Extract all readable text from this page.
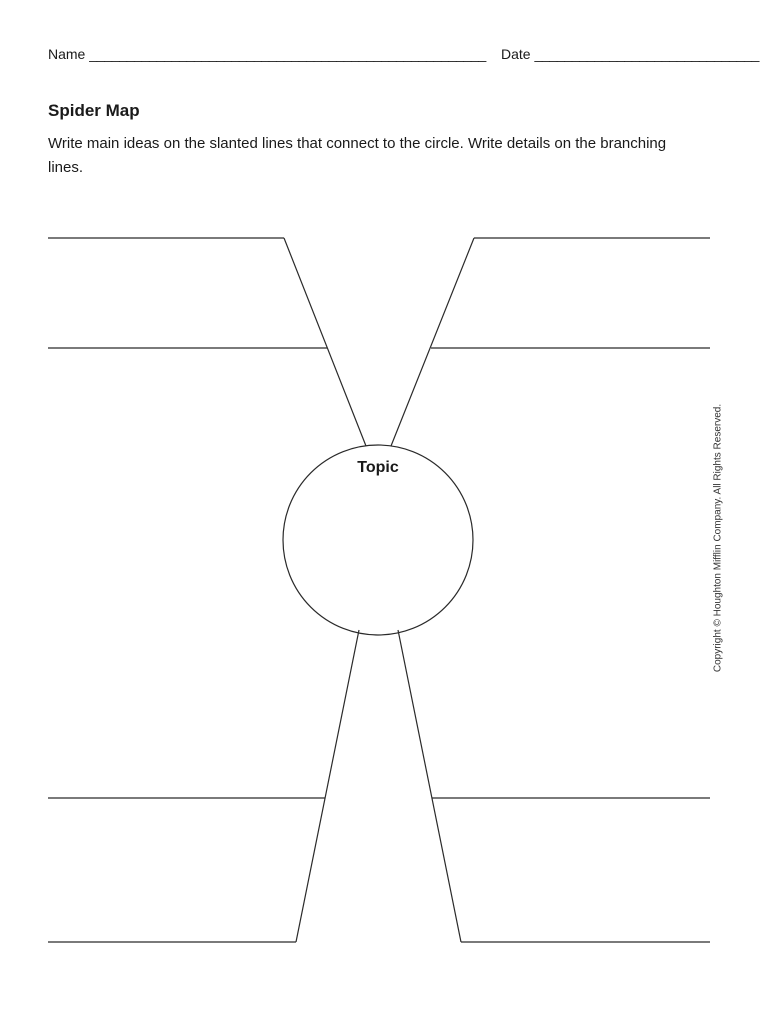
Name _____________________________________________________ Date ______________________________
Spider Map

Write main ideas on the slanted lines that connect to the circle. Write details on the branching lines.

Topic	Copyright © Houghton Mifflin Company. All Rights Reserved.
